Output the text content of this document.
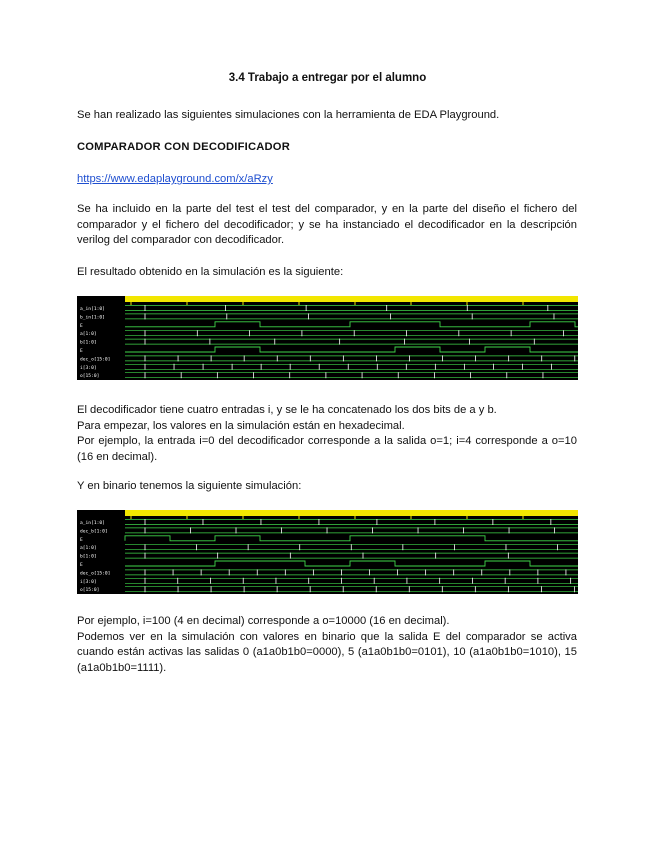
3.4 Trabajo a entregar por el alumno
Se han realizado las siguientes simulaciones con la herramienta de EDA Playground.
COMPARADOR CON DECODIFICADOR
https://www.edaplayground.com/x/aRzy
Se ha incluido en la parte del test el test del comparador, y en la parte del diseño el fichero del comparador y el fichero del decodificador; y se ha instanciado el decodificador en la descripción verilog del comparador con decodificador.
El resultado obtenido en la simulación es la siguiente:
a_in[1:0]
b_in[1:0]
E
a[1:0]
b[1:0]
E
dec_o[15:0]
i[3:0]
o[15:0]
El decodificador tiene cuatro entradas i, y se le ha concatenado los dos bits de a y b.
Para empezar, los valores en la simulación están en hexadecimal.
Por ejemplo, la entrada i=0 del decodificador corresponde a la salida o=1; i=4 corresponde a o=10 (16 en decimal).
Y en binario tenemos la siguiente simulación:
a_in[1:0]
dec_b[1:0]
E
a[1:0]
b[1:0]
E
dec_o[15:0]
i[3:0]
o[15:0]
Por ejemplo, i=100 (4 en decimal) corresponde a o=10000 (16 en decimal).
Podemos ver en la simulación con valores en binario que la salida E del comparador se activa cuando están activas las salidas 0 (a1a0b1b0=0000), 5 (a1a0b1b0=0101), 10 (a1a0b1b0=1010), 15 (a1a0b1b0=1111).
